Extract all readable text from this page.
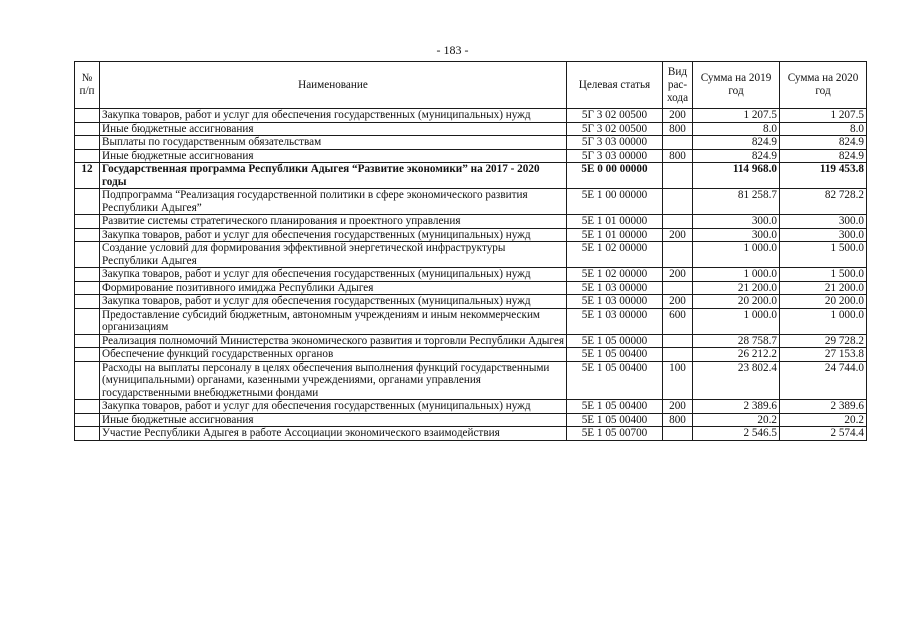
- 183 -
№ п/п	Наименование	Целевая статья	Вид рас-хода	Сумма на 2019 год	Сумма на 2020 год
	Закупка товаров, работ и услуг для обеспечения государственных (муниципальных) нужд	5Г 3 02 00500	200	1 207.5	1 207.5
	Иные бюджетные ассигнования	5Г 3 02 00500	800	8.0	8.0
	Выплаты по государственным обязательствам	5Г 3 03 00000		824.9	824.9
	Иные бюджетные ассигнования	5Г 3 03 00000	800	824.9	824.9
12	Государственная программа Республики Адыгея “Развитие экономики” на 2017 - 2020 годы	5Е 0 00 00000		114 968.0	119 453.8
	Подпрограмма “Реализация государственной политики в сфере экономического развития Республики Адыгея”	5Е 1 00 00000		81 258.7	82 728.2
	Развитие системы стратегического планирования и проектного управления	5Е 1 01 00000		300.0	300.0
	Закупка товаров, работ и услуг для обеспечения государственных (муниципальных) нужд	5Е 1 01 00000	200	300.0	300.0
	Создание условий для формирования эффективной энергетической инфраструктуры Республики Адыгея	5Е 1 02 00000		1 000.0	1 500.0
	Закупка товаров, работ и услуг для обеспечения государственных (муниципальных) нужд	5Е 1 02 00000	200	1 000.0	1 500.0
	Формирование позитивного имиджа Республики Адыгея	5Е 1 03 00000		21 200.0	21 200.0
	Закупка товаров, работ и услуг для обеспечения государственных (муниципальных) нужд	5Е 1 03 00000	200	20 200.0	20 200.0
	Предоставление субсидий бюджетным, автономным учреждениям и иным некоммерческим организациям	5Е 1 03 00000	600	1 000.0	1 000.0
	Реализация полномочий Министерства экономического развития и торговли Республики Адыгея	5Е 1 05 00000		28 758.7	29 728.2
	Обеспечение функций государственных органов	5Е 1 05 00400		26 212.2	27 153.8
	Расходы на выплаты персоналу в целях обеспечения выполнения функций государственными (муниципальными) органами, казенными учреждениями, органами управления государственными внебюджетными фондами	5Е 1 05 00400	100	23 802.4	24 744.0
	Закупка товаров, работ и услуг для обеспечения государственных (муниципальных) нужд	5Е 1 05 00400	200	2 389.6	2 389.6
	Иные бюджетные ассигнования	5Е 1 05 00400	800	20.2	20.2
	Участие Республики Адыгея в работе Ассоциации экономического взаимодействия	5Е 1 05 00700		2 546.5	2 574.4
